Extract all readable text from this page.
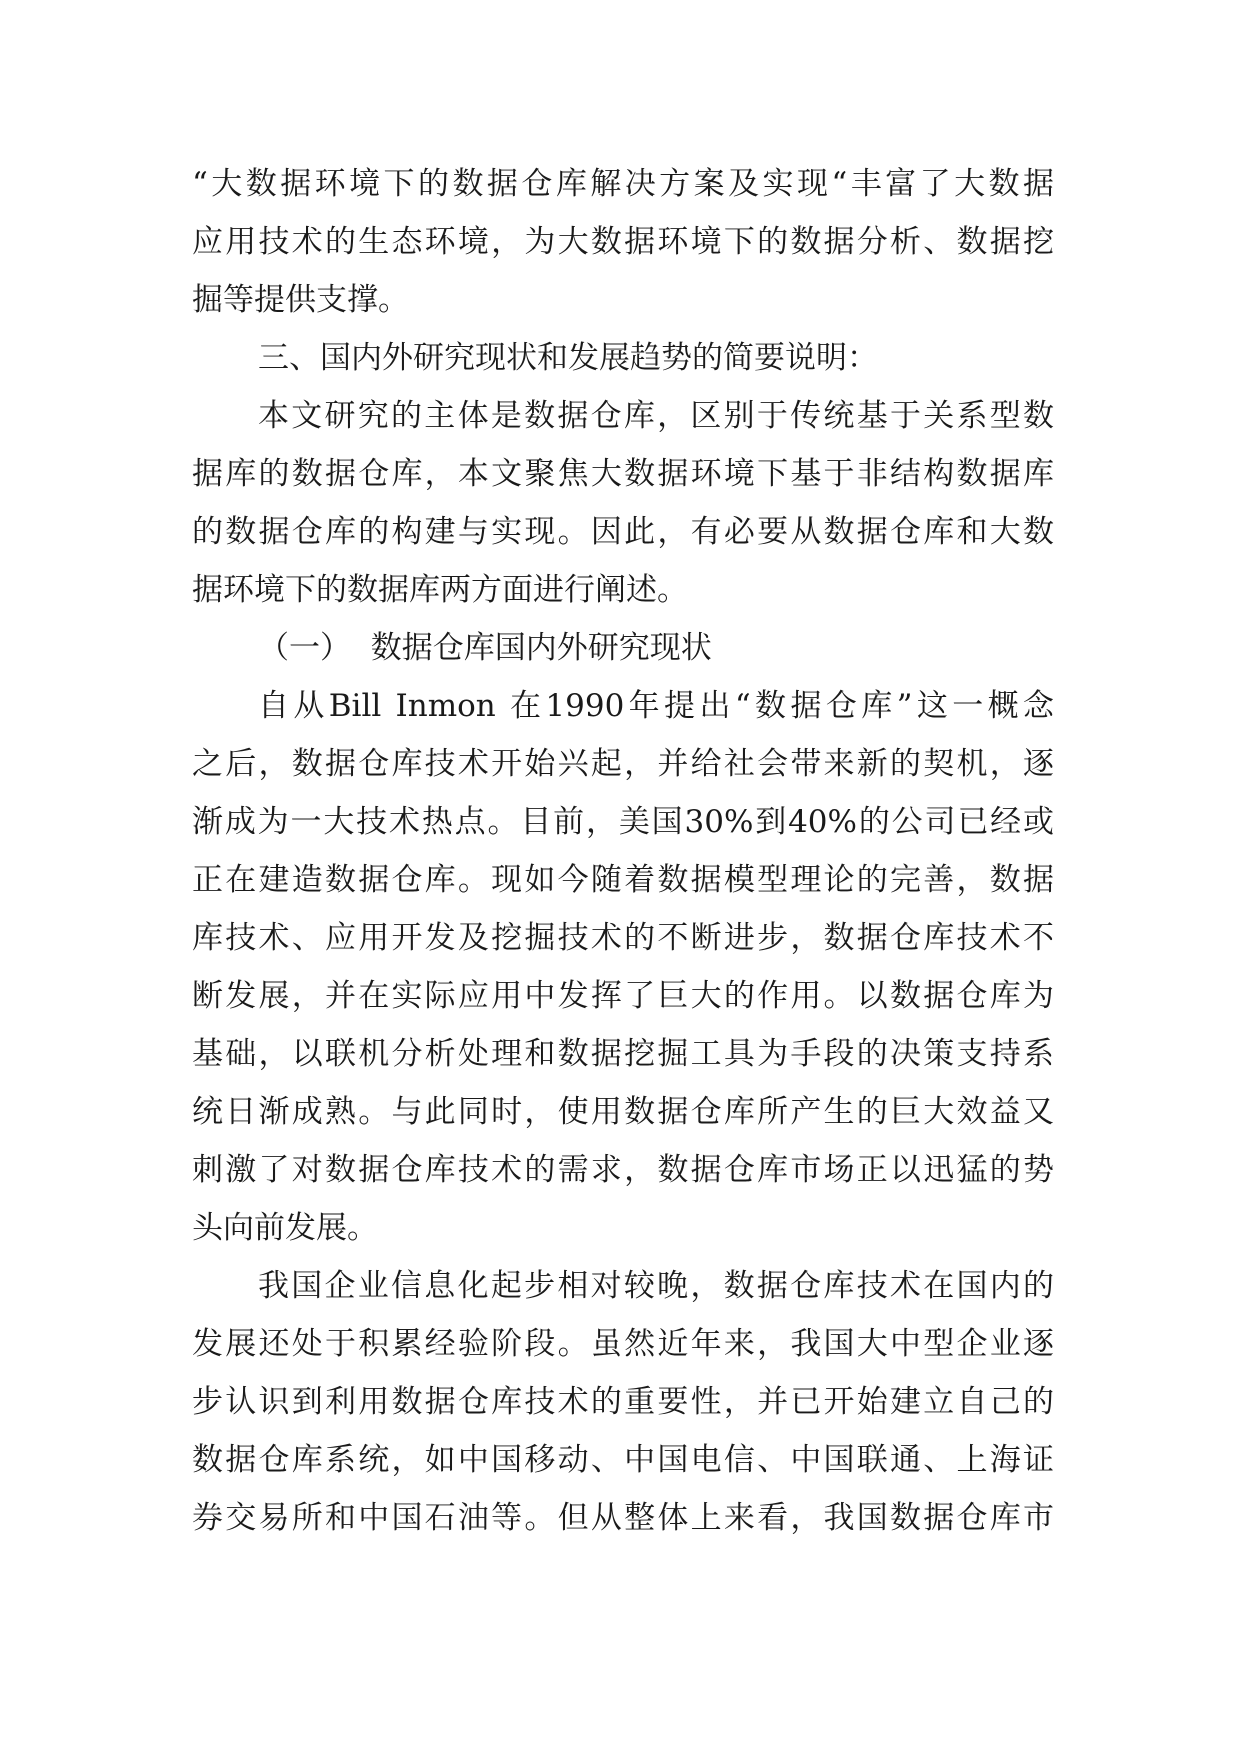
“大数据环境下的数据仓库解决方案及实现“丰富了大数据
应用技术的生态环境，为大数据环境下的数据分析、数据挖
掘等提供支撑。
三、国内外研究现状和发展趋势的简要说明：
本文研究的主体是数据仓库，区别于传统基于关系型数
据库的数据仓库，本文聚焦大数据环境下基于非结构数据库
的数据仓库的构建与实现。因此，有必要从数据仓库和大数
据环境下的数据库两方面进行阐述。
（一）  数据仓库国内外研究现状
自从Bill Inmon 在1990年提出“数据仓库”这一概念
之后，数据仓库技术开始兴起，并给社会带来新的契机，逐
渐成为一大技术热点。目前，美国30%到40%的公司已经或
正在建造数据仓库。现如今随着数据模型理论的完善，数据
库技术、应用开发及挖掘技术的不断进步，数据仓库技术不
断发展，并在实际应用中发挥了巨大的作用。以数据仓库为
基础，以联机分析处理和数据挖掘工具为手段的决策支持系
统日渐成熟。与此同时，使用数据仓库所产生的巨大效益又
刺激了对数据仓库技术的需求，数据仓库市场正以迅猛的势
头向前发展。
我国企业信息化起步相对较晚，数据仓库技术在国内的
发展还处于积累经验阶段。虽然近年来，我国大中型企业逐
步认识到利用数据仓库技术的重要性，并已开始建立自己的
数据仓库系统，如中国移动、中国电信、中国联通、上海证
券交易所和中国石油等。但从整体上来看，我国数据仓库市
